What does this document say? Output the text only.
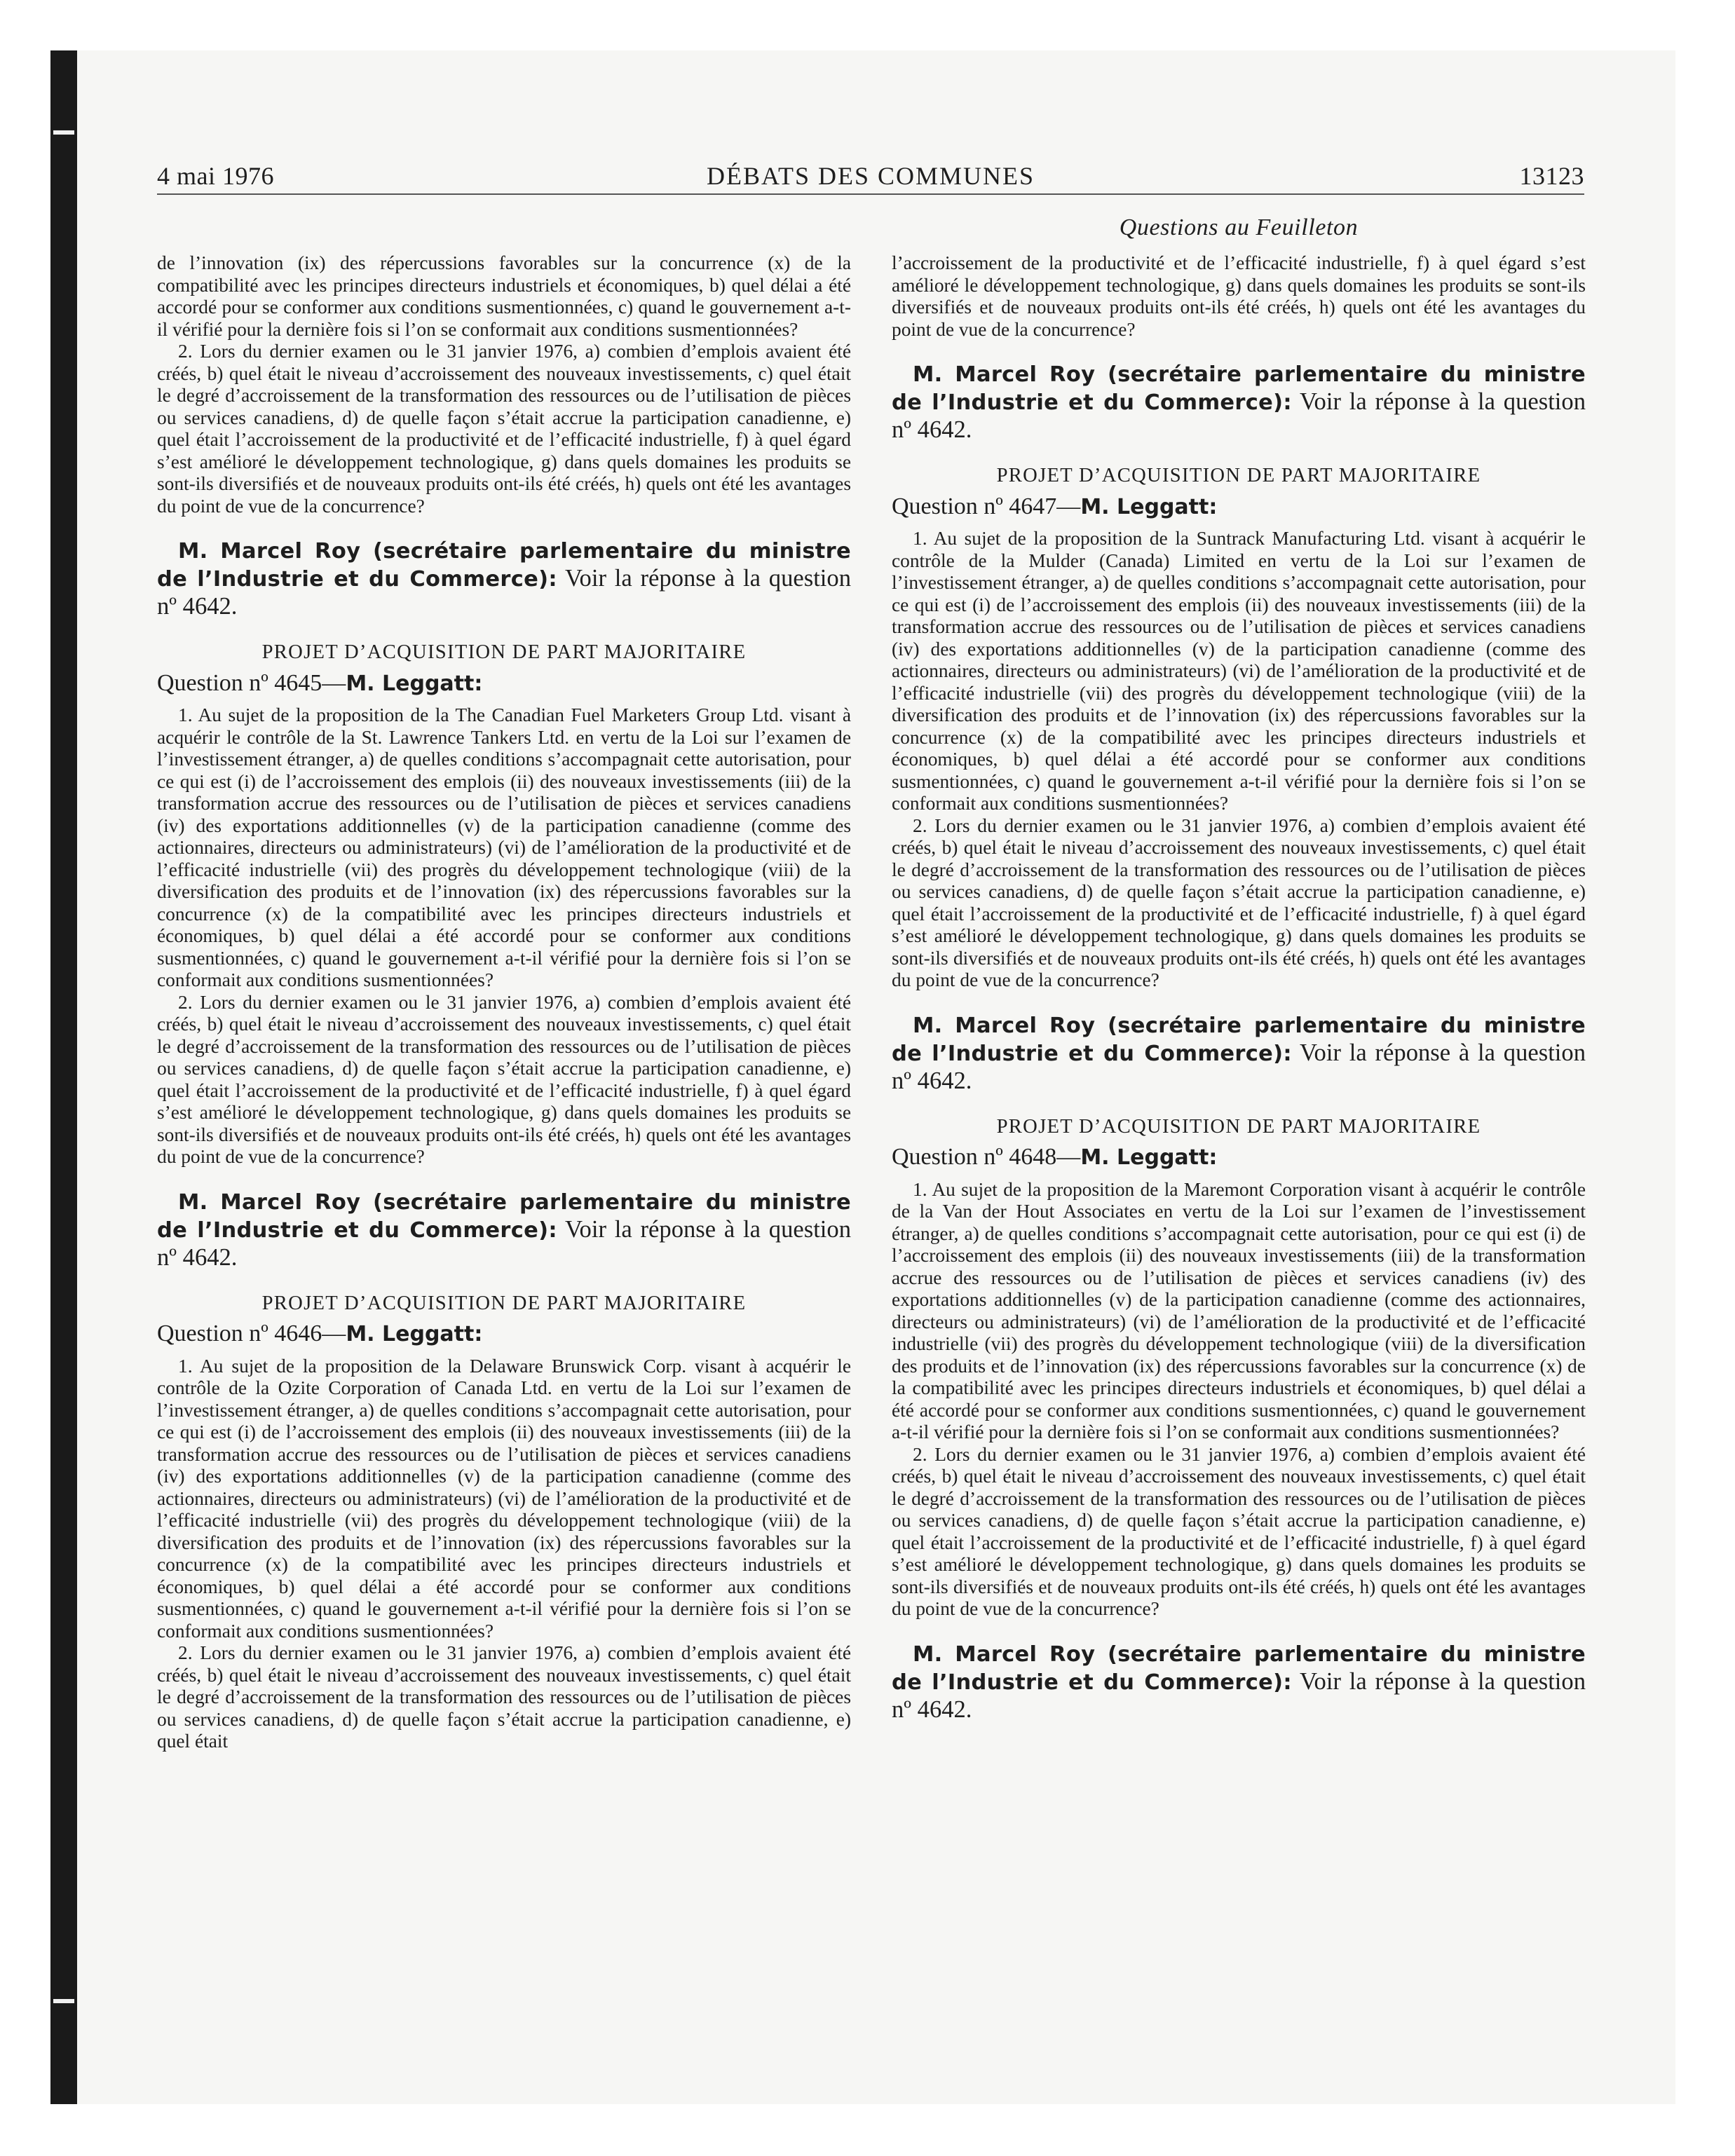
4 mai 1976	DÉBATS DES COMMUNES	13123
Questions au Feuilleton

de l’innovation (ix) des répercussions favorables sur la concurrence (x) de la compatibilité avec les principes directeurs industriels et économiques, b) quel délai a été accordé pour se conformer aux conditions susmentionnées, c) quand le gouvernement a-t-il vérifié pour la dernière fois si l’on se conformait aux conditions susmentionnées?

2. Lors du dernier examen ou le 31 janvier 1976, a) combien d’emplois avaient été créés, b) quel était le niveau d’accroissement des nouveaux investissements, c) quel était le degré d’accroissement de la transformation des ressources ou de l’utilisation de pièces ou services canadiens, d) de quelle façon s’était accrue la participation canadienne, e) quel était l’accroissement de la productivité et de l’efficacité industrielle, f) à quel égard s’est amélioré le développement technologique, g) dans quels domaines les produits se sont-ils diversifiés et de nouveaux produits ont-ils été créés, h) quels ont été les avantages du point de vue de la concurrence?

M. Marcel Roy (secrétaire parlementaire du ministre de l’Industrie et du Commerce): Voir la réponse à la question nº 4642.

PROJET D’ACQUISITION DE PART MAJORITAIRE
Question nº 4645—M. Leggatt:

1. Au sujet de la proposition de la The Canadian Fuel Marketers Group Ltd. visant à acquérir le contrôle de la St. Lawrence Tankers Ltd. en vertu de la Loi sur l’examen de l’investissement étranger, a) de quelles conditions s’accompagnait cette autorisation, pour ce qui est (i) de l’accroissement des emplois (ii) des nouveaux investissements (iii) de la transformation accrue des ressources ou de l’utilisation de pièces et services canadiens (iv) des exportations additionnelles (v) de la participation canadienne (comme des actionnaires, directeurs ou administrateurs) (vi) de l’amélioration de la productivité et de l’efficacité industrielle (vii) des progrès du développement technologique (viii) de la diversification des produits et de l’innovation (ix) des répercussions favorables sur la concurrence (x) de la compatibilité avec les principes directeurs industriels et économiques, b) quel délai a été accordé pour se conformer aux conditions susmentionnées, c) quand le gouvernement a-t-il vérifié pour la dernière fois si l’on se conformait aux conditions susmentionnées?

2. Lors du dernier examen ou le 31 janvier 1976, a) combien d’emplois avaient été créés, b) quel était le niveau d’accroissement des nouveaux investissements, c) quel était le degré d’accroissement de la transformation des ressources ou de l’utilisation de pièces ou services canadiens, d) de quelle façon s’était accrue la participation canadienne, e) quel était l’accroissement de la productivité et de l’efficacité industrielle, f) à quel égard s’est amélioré le développement technologique, g) dans quels domaines les produits se sont-ils diversifiés et de nouveaux produits ont-ils été créés, h) quels ont été les avantages du point de vue de la concurrence?

M. Marcel Roy (secrétaire parlementaire du ministre de l’Industrie et du Commerce): Voir la réponse à la question nº 4642.

PROJET D’ACQUISITION DE PART MAJORITAIRE
Question nº 4646—M. Leggatt:

1. Au sujet de la proposition de la Delaware Brunswick Corp. visant à acquérir le contrôle de la Ozite Corporation of Canada Ltd. en vertu de la Loi sur l’examen de l’investissement étranger, a) de quelles conditions s’accompagnait cette autorisation, pour ce qui est (i) de l’accroissement des emplois (ii) des nouveaux investissements (iii) de la transformation accrue des ressources ou de l’utilisation de pièces et services canadiens (iv) des exportations additionnelles (v) de la participation canadienne (comme des actionnaires, directeurs ou administrateurs) (vi) de l’amélioration de la productivité et de l’efficacité industrielle (vii) des progrès du développement technologique (viii) de la diversification des produits et de l’innovation (ix) des répercussions favorables sur la concurrence (x) de la compatibilité avec les principes directeurs industriels et économiques, b) quel délai a été accordé pour se conformer aux conditions susmentionnées, c) quand le gouvernement a-t-il vérifié pour la dernière fois si l’on se conformait aux conditions susmentionnées?

2. Lors du dernier examen ou le 31 janvier 1976, a) combien d’emplois avaient été créés, b) quel était le niveau d’accroissement des nouveaux investissements, c) quel était le degré d’accroissement de la transformation des ressources ou de l’utilisation de pièces ou services canadiens, d) de quelle façon s’était accrue la participation canadienne, e) quel était

l’accroissement de la productivité et de l’efficacité industrielle, f) à quel égard s’est amélioré le développement technologique, g) dans quels domaines les produits se sont-ils diversifiés et de nouveaux produits ont-ils été créés, h) quels ont été les avantages du point de vue de la concurrence?

M. Marcel Roy (secrétaire parlementaire du ministre de l’Industrie et du Commerce): Voir la réponse à la question nº 4642.

PROJET D’ACQUISITION DE PART MAJORITAIRE
Question nº 4647—M. Leggatt:

1. Au sujet de la proposition de la Suntrack Manufacturing Ltd. visant à acquérir le contrôle de la Mulder (Canada) Limited en vertu de la Loi sur l’examen de l’investissement étranger, a) de quelles conditions s’accompagnait cette autorisation, pour ce qui est (i) de l’accroissement des emplois (ii) des nouveaux investissements (iii) de la transformation accrue des ressources ou de l’utilisation de pièces et services canadiens (iv) des exportations additionnelles (v) de la participation canadienne (comme des actionnaires, directeurs ou administrateurs) (vi) de l’amélioration de la productivité et de l’efficacité industrielle (vii) des progrès du développement technologique (viii) de la diversification des produits et de l’innovation (ix) des répercussions favorables sur la concurrence (x) de la compatibilité avec les principes directeurs industriels et économiques, b) quel délai a été accordé pour se conformer aux conditions susmentionnées, c) quand le gouvernement a-t-il vérifié pour la dernière fois si l’on se conformait aux conditions susmentionnées?

2. Lors du dernier examen ou le 31 janvier 1976, a) combien d’emplois avaient été créés, b) quel était le niveau d’accroissement des nouveaux investissements, c) quel était le degré d’accroissement de la transformation des ressources ou de l’utilisation de pièces ou services canadiens, d) de quelle façon s’était accrue la participation canadienne, e) quel était l’accroissement de la productivité et de l’efficacité industrielle, f) à quel égard s’est amélioré le développement technologique, g) dans quels domaines les produits se sont-ils diversifiés et de nouveaux produits ont-ils été créés, h) quels ont été les avantages du point de vue de la concurrence?

M. Marcel Roy (secrétaire parlementaire du ministre de l’Industrie et du Commerce): Voir la réponse à la question nº 4642.

PROJET D’ACQUISITION DE PART MAJORITAIRE
Question nº 4648—M. Leggatt:

1. Au sujet de la proposition de la Maremont Corporation visant à acquérir le contrôle de la Van der Hout Associates en vertu de la Loi sur l’examen de l’investissement étranger, a) de quelles conditions s’accompagnait cette autorisation, pour ce qui est (i) de l’accroissement des emplois (ii) des nouveaux investissements (iii) de la transformation accrue des ressources ou de l’utilisation de pièces et services canadiens (iv) des exportations additionnelles (v) de la participation canadienne (comme des actionnaires, directeurs ou administrateurs) (vi) de l’amélioration de la productivité et de l’efficacité industrielle (vii) des progrès du développement technologique (viii) de la diversification des produits et de l’innovation (ix) des répercussions favorables sur la concurrence (x) de la compatibilité avec les principes directeurs industriels et économiques, b) quel délai a été accordé pour se conformer aux conditions susmentionnées, c) quand le gouvernement a-t-il vérifié pour la dernière fois si l’on se conformait aux conditions susmentionnées?

2. Lors du dernier examen ou le 31 janvier 1976, a) combien d’emplois avaient été créés, b) quel était le niveau d’accroissement des nouveaux investissements, c) quel était le degré d’accroissement de la transformation des ressources ou de l’utilisation de pièces ou services canadiens, d) de quelle façon s’était accrue la participation canadienne, e) quel était l’accroissement de la productivité et de l’efficacité industrielle, f) à quel égard s’est amélioré le développement technologique, g) dans quels domaines les produits se sont-ils diversifiés et de nouveaux produits ont-ils été créés, h) quels ont été les avantages du point de vue de la concurrence?

M. Marcel Roy (secrétaire parlementaire du ministre de l’Industrie et du Commerce): Voir la réponse à la question nº 4642.
